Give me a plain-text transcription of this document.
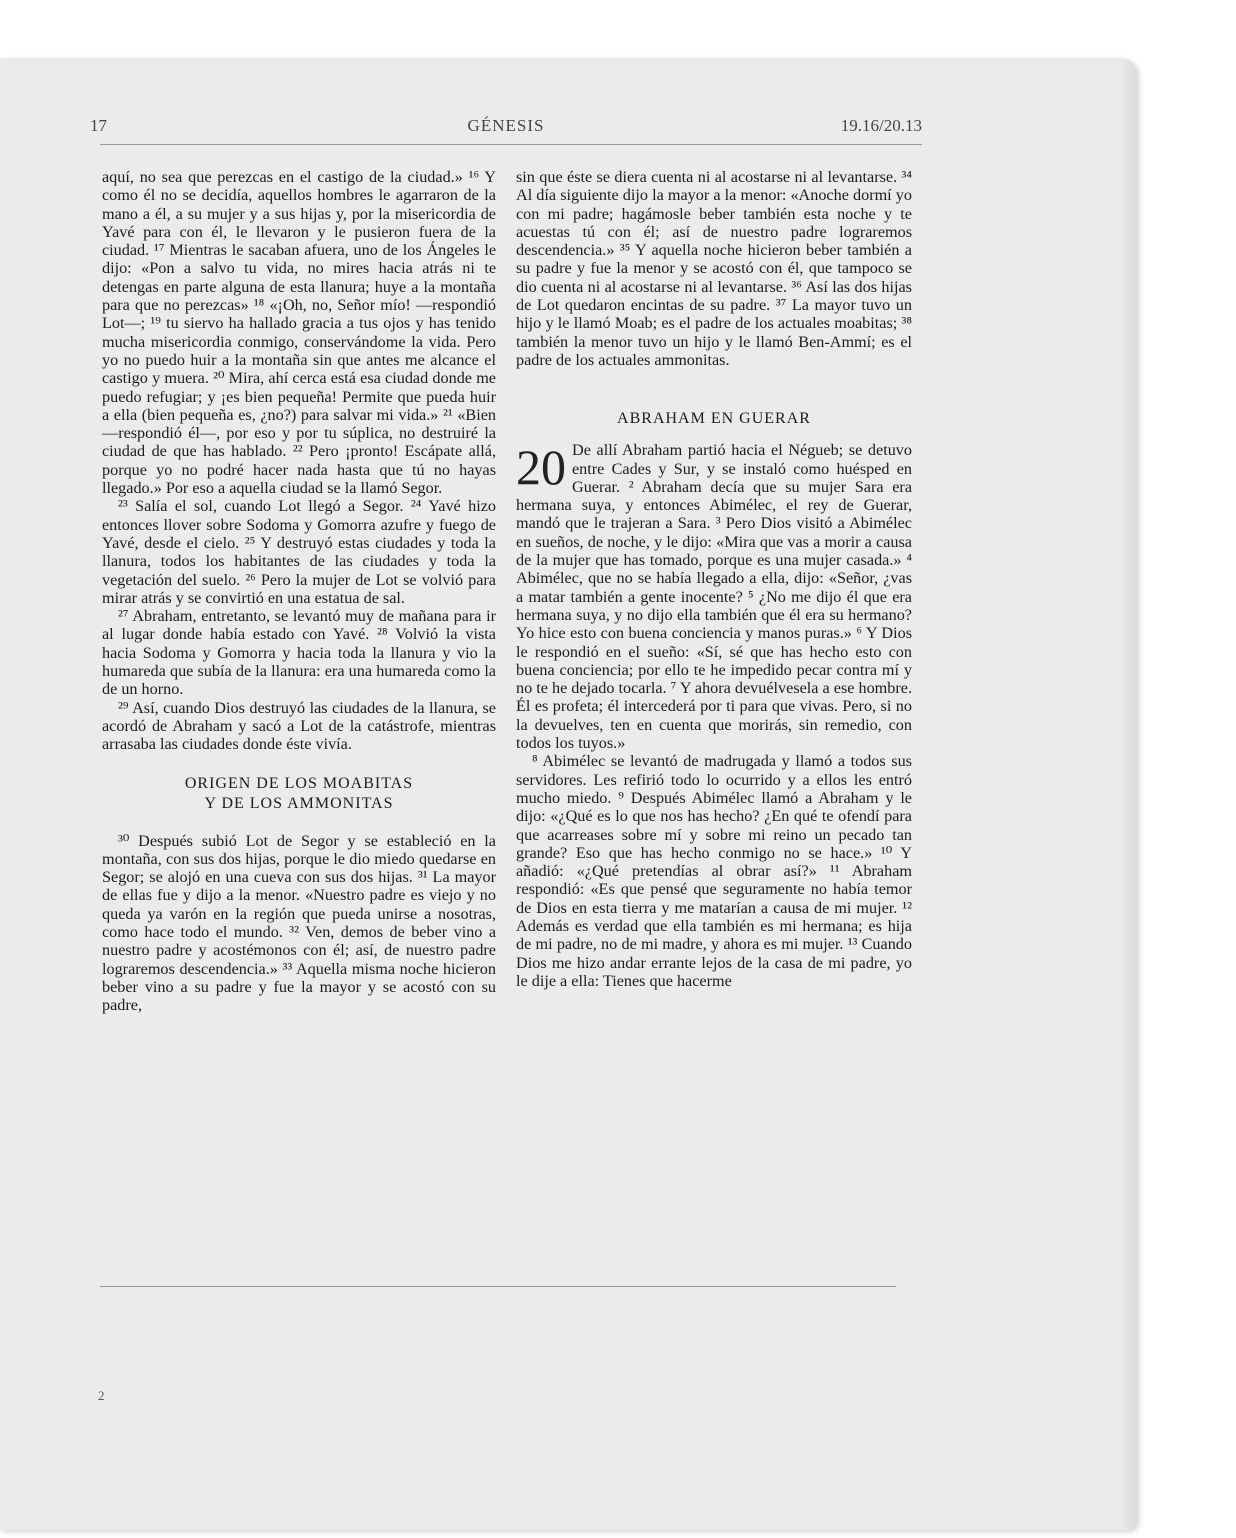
17	GÉNESIS	19.16/20.13

aquí, no sea que perezcas en el castigo de la ciudad.» ¹⁶ Y como él no se decidía, aquellos hombres le agarraron de la mano a él, a su mujer y a sus hijas y, por la misericordia de Yavé para con él, le llevaron y le pusieron fuera de la ciudad. ¹⁷ Mientras le sacaban afuera, uno de los Ángeles le dijo: «Pon a salvo tu vida, no mires hacia atrás ni te detengas en parte alguna de esta llanura; huye a la montaña para que no perezcas» ¹⁸ «¡Oh, no, Señor mío! —respondió Lot—; ¹⁹ tu siervo ha hallado gracia a tus ojos y has tenido mucha misericordia conmigo, conservándome la vida. Pero yo no puedo huir a la montaña sin que antes me alcance el castigo y muera. ²⁰ Mira, ahí cerca está esa ciudad donde me puedo refugiar; y ¡es bien pequeña! Permite que pueda huir a ella (bien pequeña es, ¿no?) para salvar mi vida.» ²¹ «Bien —respondió él—, por eso y por tu súplica, no destruiré la ciudad de que has hablado. ²² Pero ¡pronto! Escápate allá, porque yo no podré hacer nada hasta que tú no hayas llegado.» Por eso a aquella ciudad se la llamó Segor.

²³ Salía el sol, cuando Lot llegó a Segor. ²⁴ Yavé hizo entonces llover sobre Sodoma y Gomorra azufre y fuego de Yavé, desde el cielo. ²⁵ Y destruyó estas ciudades y toda la llanura, todos los habitantes de las ciudades y toda la vegetación del suelo. ²⁶ Pero la mujer de Lot se volvió para mirar atrás y se convirtió en una estatua de sal.

²⁷ Abraham, entretanto, se levantó muy de mañana para ir al lugar donde había estado con Yavé. ²⁸ Volvió la vista hacia Sodoma y Gomorra y hacia toda la llanura y vio la humareda que subía de la llanura: era una humareda como la de un horno.

²⁹ Así, cuando Dios destruyó las ciudades de la llanura, se acordó de Abraham y sacó a Lot de la catástrofe, mientras arrasaba las ciudades donde éste vivía.

ORIGEN DE LOS MOABITAS
Y DE LOS AMMONITAS

³⁰ Después subió Lot de Segor y se estableció en la montaña, con sus dos hijas, porque le dio miedo quedarse en Segor; se alojó en una cueva con sus dos hijas. ³¹ La mayor de ellas fue y dijo a la menor. «Nuestro padre es viejo y no queda ya varón en la región que pueda unirse a nosotras, como hace todo el mundo. ³² Ven, demos de beber vino a nuestro padre y acostémonos con él; así, de nuestro padre lograremos descendencia.» ³³ Aquella misma noche hicieron beber vino a su padre y fue la mayor y se acostó con su padre,

sin que éste se diera cuenta ni al acostarse ni al levantarse. ³⁴ Al día siguiente dijo la mayor a la menor: «Anoche dormí yo con mi padre; hagámosle beber también esta noche y te acuestas tú con él; así de nuestro padre lograremos descendencia.» ³⁵ Y aquella noche hicieron beber también a su padre y fue la menor y se acostó con él, que tampoco se dio cuenta ni al acostarse ni al levantarse. ³⁶ Así las dos hijas de Lot quedaron encintas de su padre. ³⁷ La mayor tuvo un hijo y le llamó Moab; es el padre de los actuales moabitas; ³⁸ también la menor tuvo un hijo y le llamó Ben-Ammí; es el padre de los actuales ammonitas.

ABRAHAM EN GUERAR

20 De allí Abraham partió hacia el Négueb; se detuvo entre Cades y Sur, y se instaló como huésped en Guerar. ² Abraham decía que su mujer Sara era hermana suya, y entonces Abimélec, el rey de Guerar, mandó que le trajeran a Sara. ³ Pero Dios visitó a Abimélec en sueños, de noche, y le dijo: «Mira que vas a morir a causa de la mujer que has tomado, porque es una mujer casada.» ⁴ Abimélec, que no se había llegado a ella, dijo: «Señor, ¿vas a matar también a gente inocente? ⁵ ¿No me dijo él que era hermana suya, y no dijo ella también que él era su hermano? Yo hice esto con buena conciencia y manos puras.» ⁶ Y Dios le respondió en el sueño: «Sí, sé que has hecho esto con buena conciencia; por ello te he impedido pecar contra mí y no te he dejado tocarla. ⁷ Y ahora devuélvesela a ese hombre. Él es profeta; él intercederá por ti para que vivas. Pero, si no la devuelves, ten en cuenta que morirás, sin remedio, con todos los tuyos.»

⁸ Abimélec se levantó de madrugada y llamó a todos sus servidores. Les refirió todo lo ocurrido y a ellos les entró mucho miedo. ⁹ Después Abimélec llamó a Abraham y le dijo: «¿Qué es lo que nos has hecho? ¿En qué te ofendí para que acarreases sobre mí y sobre mi reino un pecado tan grande? Eso que has hecho conmigo no se hace.» ¹⁰ Y añadió: «¿Qué pretendías al obrar así?» ¹¹ Abraham respondió: «Es que pensé que seguramente no había temor de Dios en esta tierra y me matarían a causa de mi mujer. ¹² Además es verdad que ella también es mi hermana; es hija de mi padre, no de mi madre, y ahora es mi mujer. ¹³ Cuando Dios me hizo andar errante lejos de la casa de mi padre, yo le dije a ella: Tienes que hacerme

2
